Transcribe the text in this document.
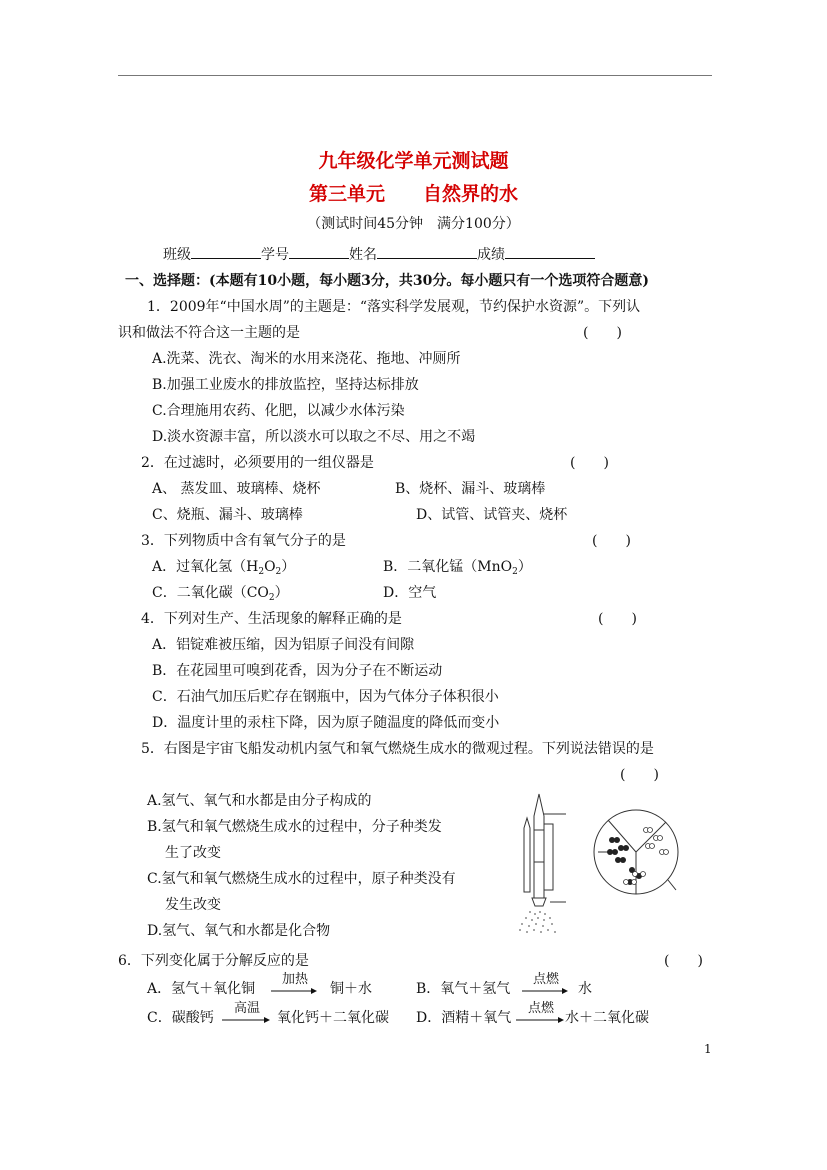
九年级化学单元测试题
第三单元　　自然界的水
（测试时间45分钟　满分100分）
班级	学号	姓名	成绩
一、选择题：(本题有10小题，每小题3分，共30分。每小题只有一个选项符合题意)
1．2009年“中国水周”的主题是：“落实科学发展观，节约保护水资源”。下列认
识和做法不符合这一主题的是	(　　)
A.洗菜、洗衣、淘米的水用来浇花、拖地、冲厕所
B.加强工业废水的排放监控，坚持达标排放
C.合理施用农药、化肥，以减少水体污染
D.淡水资源丰富，所以淡水可以取之不尽、用之不竭
2．在过滤时，必须要用的一组仪器是	(　　)
A、 蒸发皿、玻璃棒、烧杯	B、烧杯、漏斗、玻璃棒
C、烧瓶、漏斗、玻璃棒	D、试管、试管夹、烧杯
3．下列物质中含有氧气分子的是	(　　)
A．过氧化氢$(H_2O_2)$	B．二氧化锰（MnO$_2$）
C．二氧化碳$(CO_2)$	D．空气
4．下列对生产、生活现象的解释正确的是	(　　)
A．铝锭难被压缩，因为铝原子间没有间隙
B．在花园里可嗅到花香，因为分子在不断运动
C．石油气加压后贮存在钢瓶中，因为气体分子体积很小
D．温度计里的汞柱下降，因为原子随温度的降低而变小
5．右图是宇宙飞船发动机内氢气和氧气燃烧生成水的微观过程。下列说法错误的是
(　　)
A.氢气、氧气和水都是由分子构成的
B.氢气和氧气燃烧生成水的过程中，分子种类发
生了改变
C.氢气和氧气燃烧生成水的过程中，原子种类没有
发生改变
D.氢气、氧气和水都是化合物
6．下列变化属于分解反应的是	(　　)
A．氢气＋氧化铜
加热
铜＋水	B．氧气＋氢气
点燃
水
C．碳酸钙
高温
氧化钙＋二氧化碳 D．酒精＋氧气
点燃
水＋二氧化碳
1
